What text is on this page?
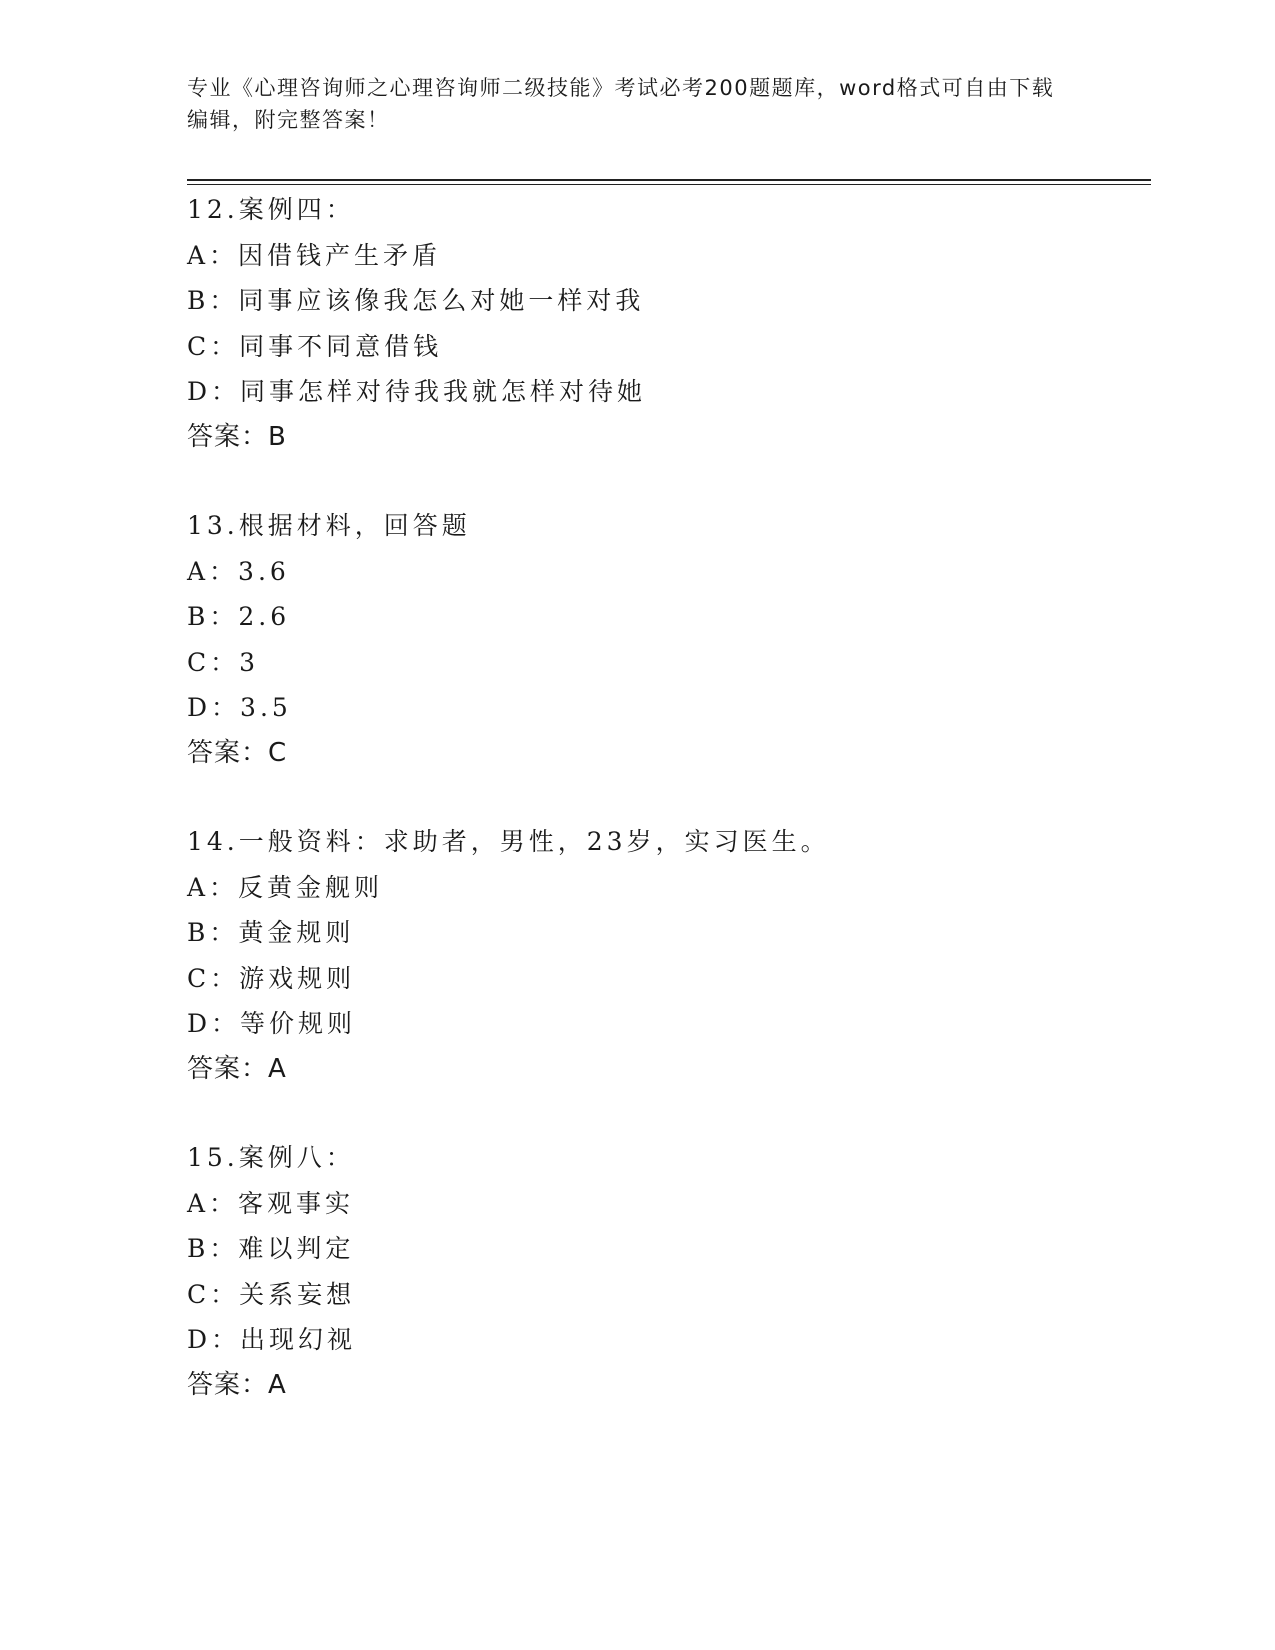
专业《心理咨询师之心理咨询师二级技能》考试必考200题题库，word格式可自由下载编辑，附完整答案！
12.案例四：
A：因借钱产生矛盾
B：同事应该像我怎么对她一样对我
C：同事不同意借钱
D：同事怎样对待我我就怎样对待她
答案：B
13.根据材料，回答题
A：3.6
B：2.6
C：3
D：3.5
答案：C
14.一般资料：求助者，男性，23岁，实习医生。
A：反黄金舰则
B：黄金规则
C：游戏规则
D：等价规则
答案：A
15.案例八：
A：客观事实
B：难以判定
C：关系妄想
D：出现幻视
答案：A
